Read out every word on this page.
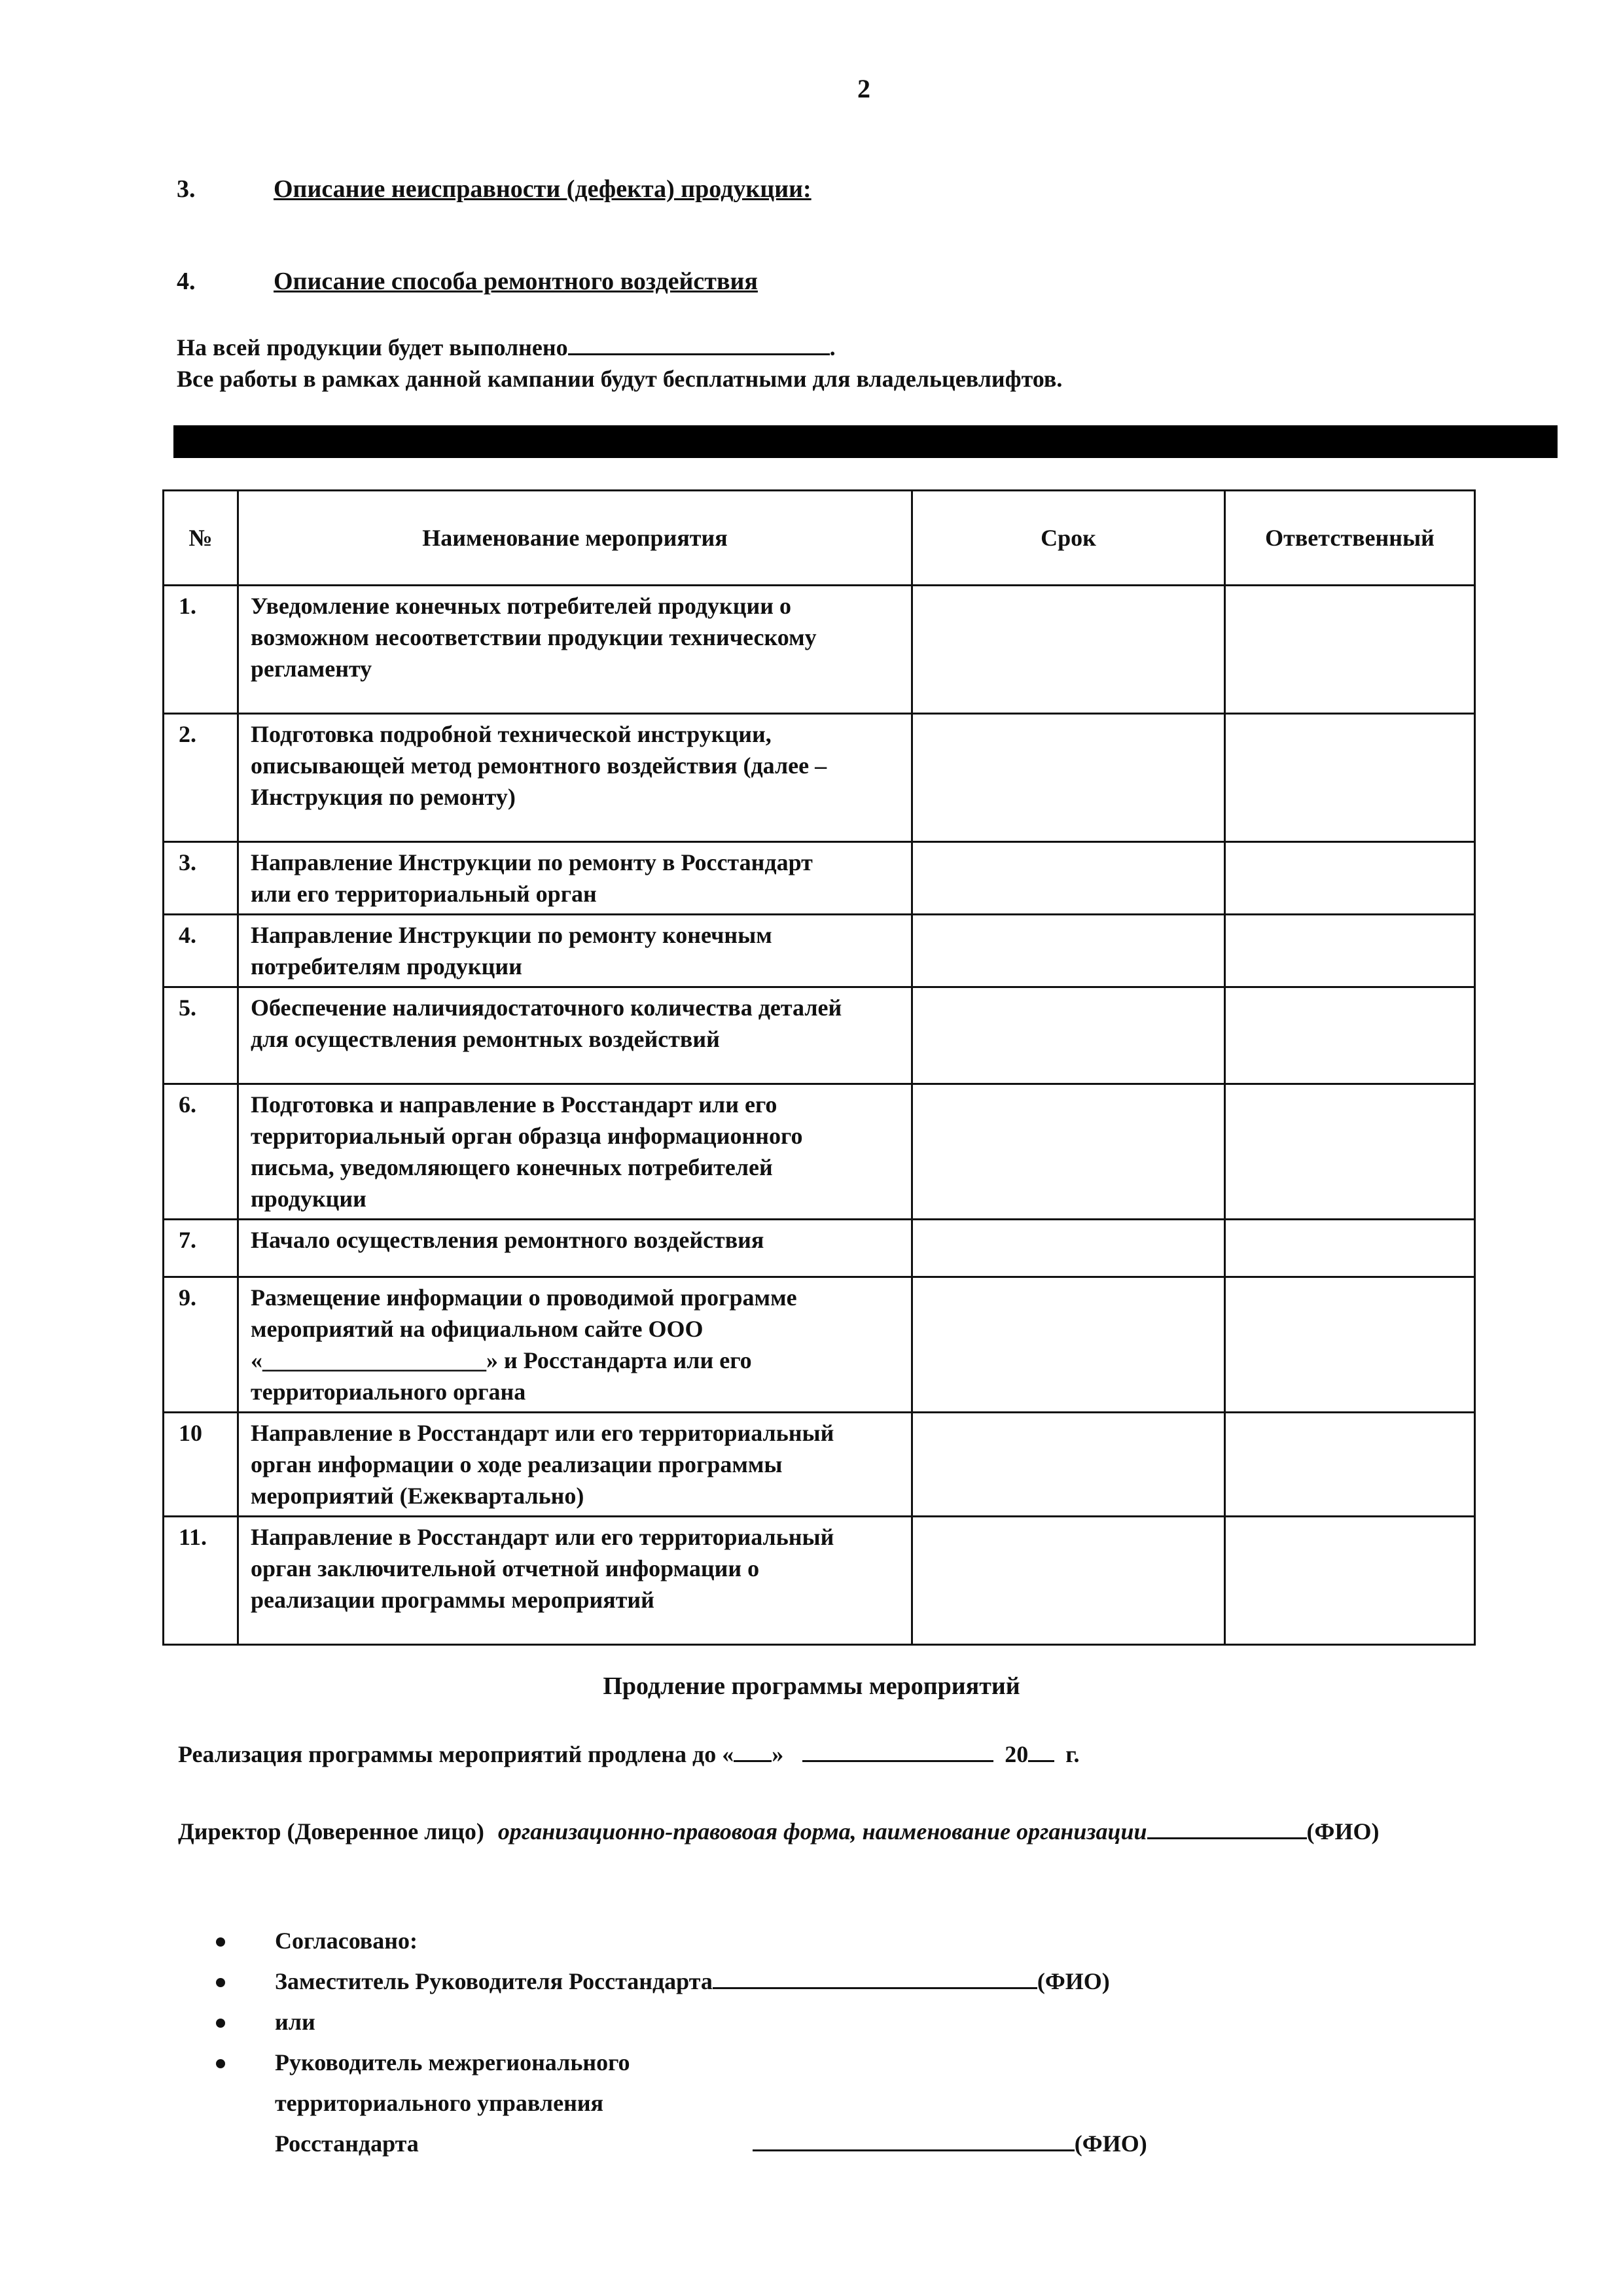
2
3.	Описание неисправности (дефекта) продукции:
4.	Описание способа ремонтного воздействия
На всей продукции будет выполнено	.
Все работы в рамках данной кампании будут бесплатными для владельцевлифтов.
№	Наименование мероприятия	Срок	Ответственный
1.	Уведомление конечных потребителей продукции о
возможном несоответствии продукции техническому
регламенту		

2.	Подготовка подробной технической инструкции,
описывающей метод ремонтного воздействия (далее –
Инструкция по ремонту)		

3.	Направление Инструкции по ремонту в Росстандарт
или его территориальный орган		

4.	Направление Инструкции по ремонту конечным
потребителям продукции		

5.	Обеспечение наличиядостаточного количества деталей
для осуществления ремонтных воздействий		

6.	Подготовка и направление в Росстандарт или его
территориальный орган образца информационного
письма, уведомляющего конечных потребителей
продукции		

7.	Начало осуществления ремонтного воздействия		

9.	Размещение информации о проводимой программе
мероприятий на официальном сайте ООО
«___________________» и Росстандарта или его
территориального органа		

10	Направление в Росстандарт или его территориальный
орган информации о ходе реализации программы
мероприятий (Ежеквартально)		

11.	Направление в Росстандарт или его территориальный
орган заключительной отчетной информации о
реализации программы мероприятий		

Продление программы мероприятий
Реализация программы мероприятий продлена до « »	20 г.
Директор (Доверенное лицо) организационно-правовоая форма, наименование организации	(ФИО)
Согласовано:
Заместитель Руководителя Росстандарта	(ФИО)
или
Руководитель межрегионального
территориального управления
Росстандарта	(ФИО)
